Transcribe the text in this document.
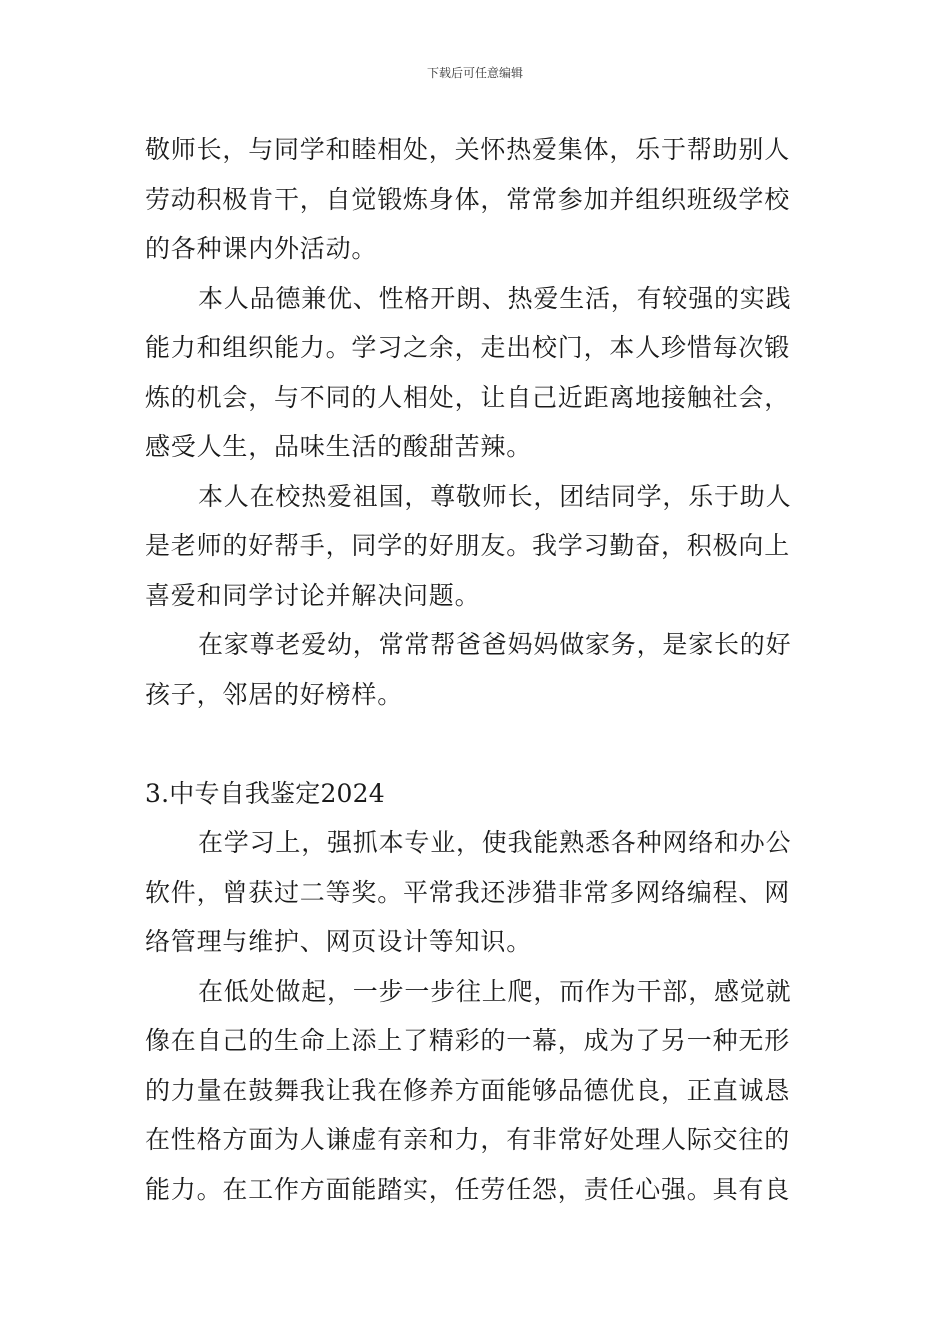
下载后可任意编辑

敬师长，与同学和睦相处，关怀热爱集体，乐于帮助别人劳动积极肯干，自觉锻炼身体，常常参加并组织班级学校的各种课内外活动。

本人品德兼优、性格开朗、热爱生活，有较强的实践能力和组织能力。学习之余，走出校门，本人珍惜每次锻炼的机会，与不同的人相处，让自己近距离地接触社会，感受人生，品味生活的酸甜苦辣。

本人在校热爱祖国，尊敬师长，团结同学，乐于助人是老师的好帮手，同学的好朋友。我学习勤奋，积极向上喜爱和同学讨论并解决问题。

在家尊老爱幼，常常帮爸爸妈妈做家务，是家长的好孩子，邻居的好榜样。

3.中专自我鉴定2024

在学习上，强抓本专业，使我能熟悉各种网络和办公软件，曾获过二等奖。平常我还涉猎非常多网络编程、网络管理与维护、网页设计等知识。

在低处做起，一步一步往上爬，而作为干部，感觉就像在自己的生命上添上了精彩的一幕，成为了另一种无形的力量在鼓舞我让我在修养方面能够品德优良，正直诚恳在性格方面为人谦虚有亲和力，有非常好处理人际交往的能力。在工作方面能踏实，任劳任怨，责任心强。具有良
